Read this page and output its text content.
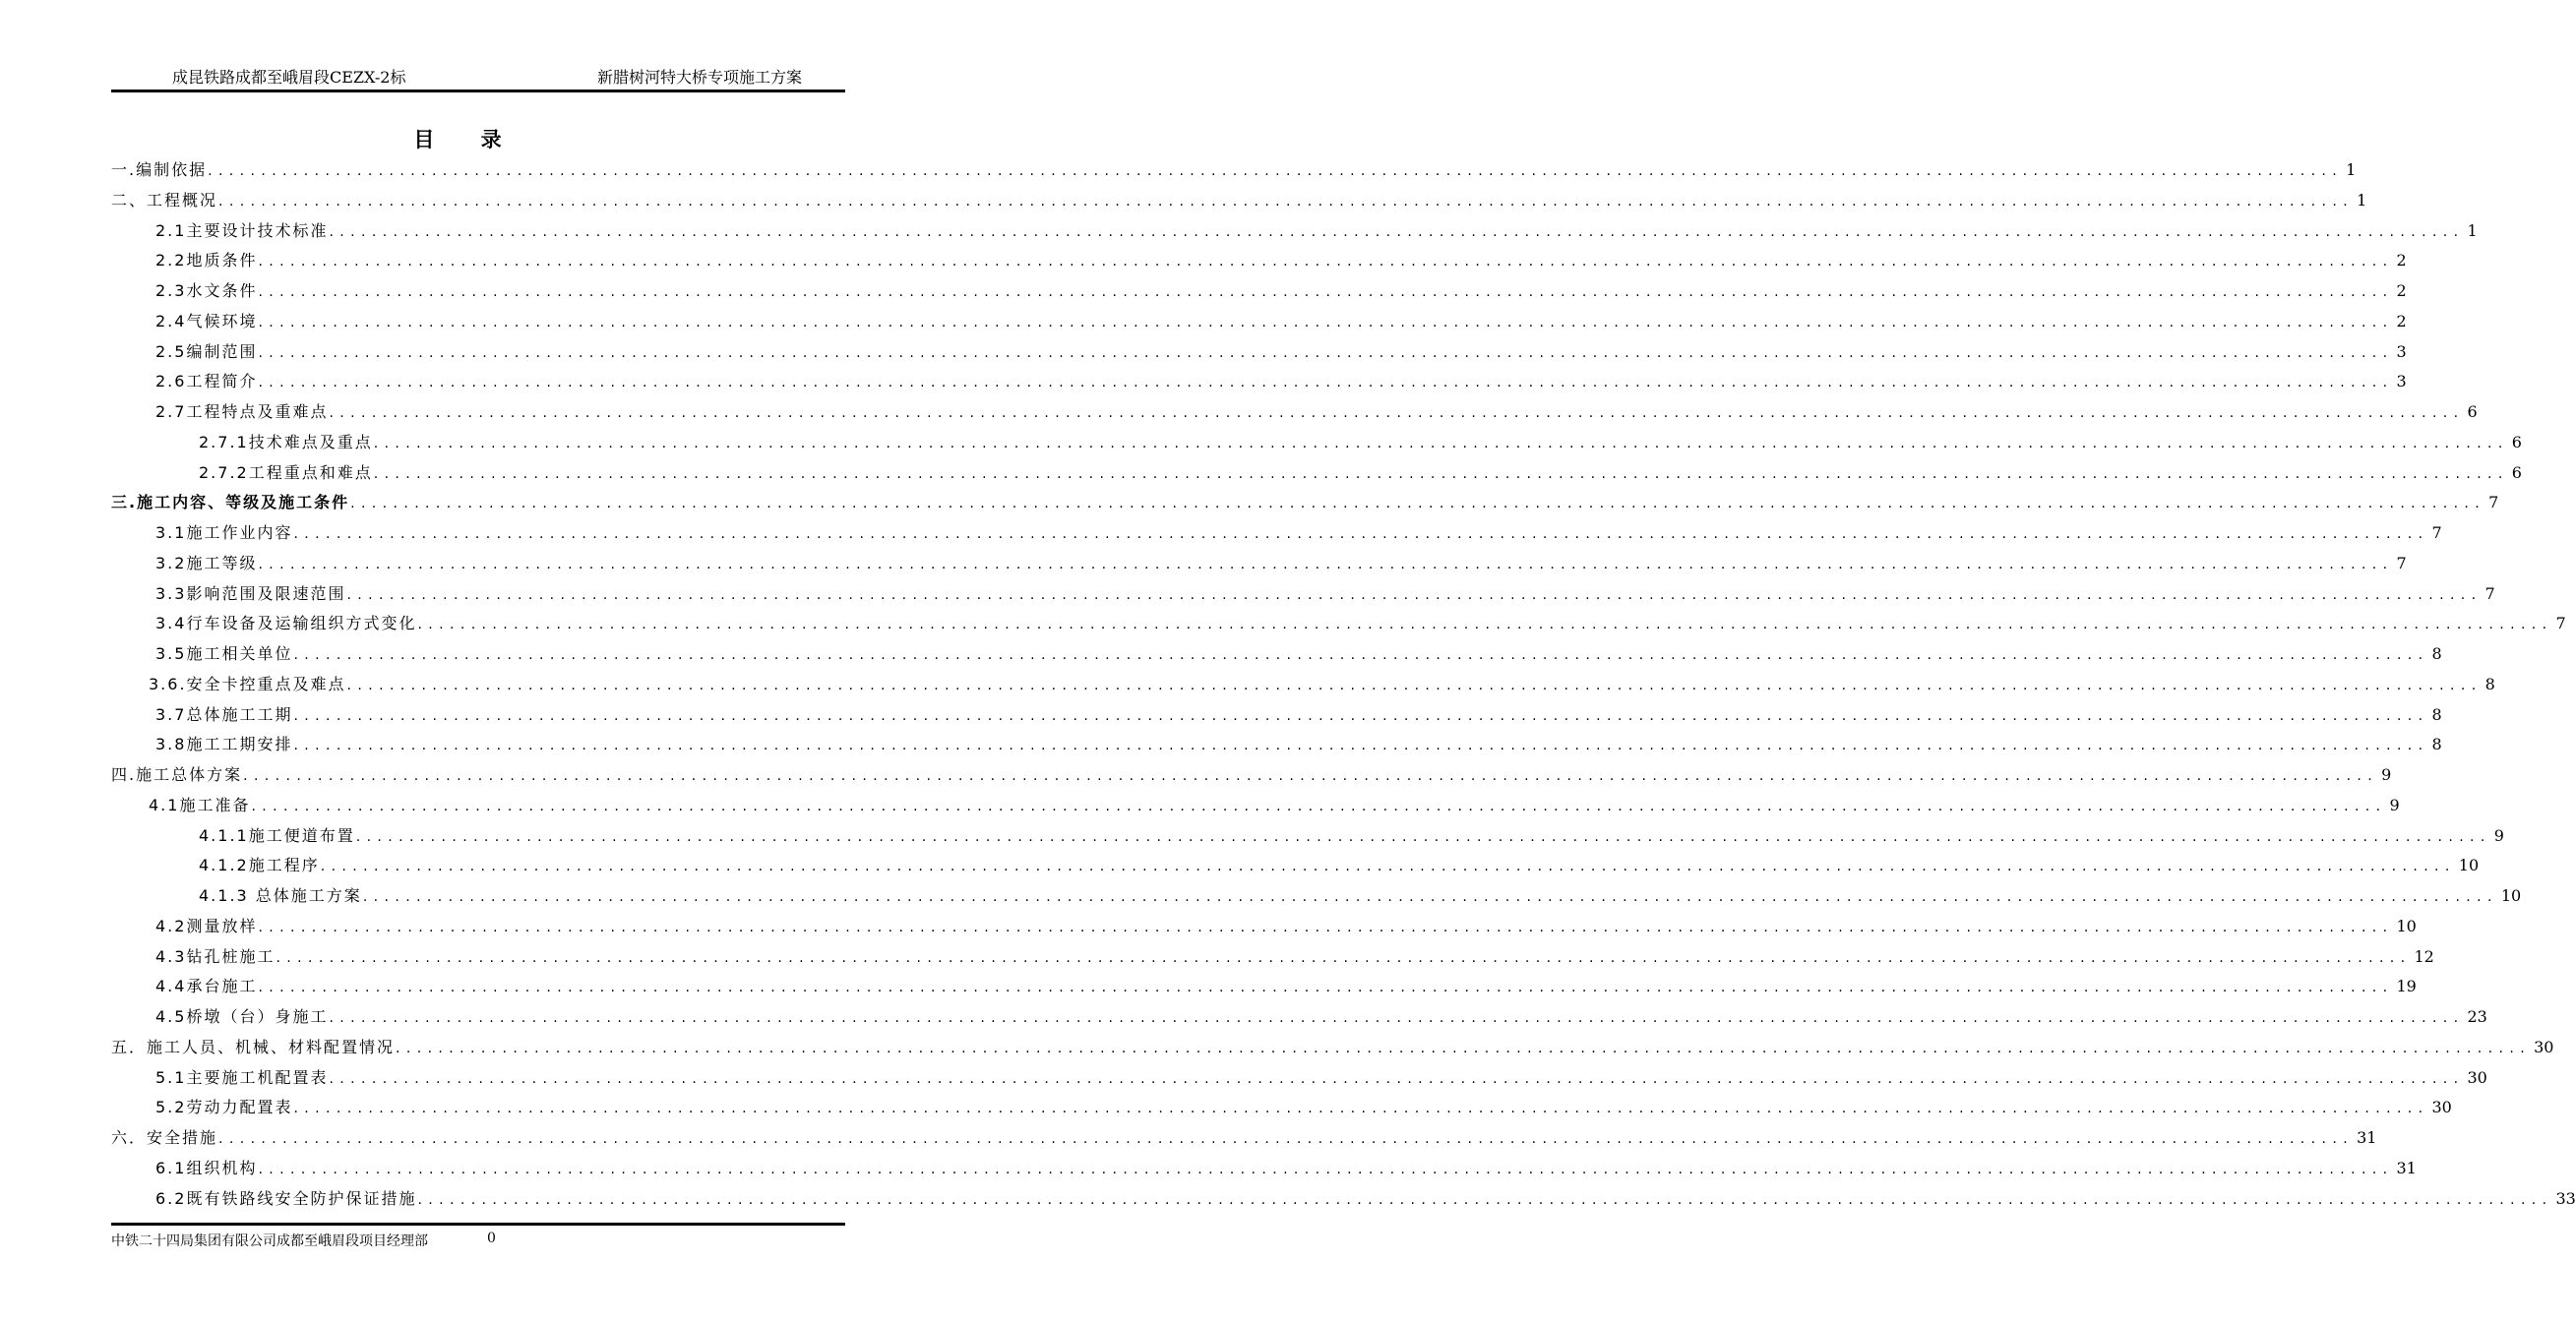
成昆铁路成都至峨眉段CEZX-2标	新腊树河特大桥专项施工方案
目 录
一.编制依据 ........................................................................................................................................................................................................ 1
二、工程概况 ........................................................................................................................................................................................................ 1
2.1主要设计技术标准 ........................................................................................................................................................................................................ 1
2.2地质条件 ........................................................................................................................................................................................................ 2
2.3水文条件 ........................................................................................................................................................................................................ 2
2.4气候环境 ........................................................................................................................................................................................................ 2
2.5编制范围 ........................................................................................................................................................................................................ 3
2.6工程简介 ........................................................................................................................................................................................................ 3
2.7工程特点及重难点 ........................................................................................................................................................................................................ 6
2.7.1技术难点及重点 ........................................................................................................................................................................................................ 6
2.7.2工程重点和难点 ........................................................................................................................................................................................................ 6
三.施工内容、等级及施工条件 ........................................................................................................................................................................................................ 7
3.1施工作业内容 ........................................................................................................................................................................................................ 7
3.2施工等级 ........................................................................................................................................................................................................ 7
3.3影响范围及限速范围 ........................................................................................................................................................................................................ 7
3.4行车设备及运输组织方式变化 ........................................................................................................................................................................................................ 7
3.5施工相关单位 ........................................................................................................................................................................................................ 8
3.6.安全卡控重点及难点 ........................................................................................................................................................................................................ 8
3.7总体施工工期 ........................................................................................................................................................................................................ 8
3.8施工工期安排 ........................................................................................................................................................................................................ 8
四.施工总体方案 ........................................................................................................................................................................................................ 9
4.1施工准备 ........................................................................................................................................................................................................ 9
4.1.1施工便道布置 ........................................................................................................................................................................................................ 9
4.1.2施工程序 ........................................................................................................................................................................................................ 10
4.1.3 总体施工方案 ........................................................................................................................................................................................................ 10
4.2测量放样 ........................................................................................................................................................................................................ 10
4.3钻孔桩施工 ........................................................................................................................................................................................................ 12
4.4承台施工 ........................................................................................................................................................................................................ 19
4.5桥墩（台）身施工 ........................................................................................................................................................................................................ 23
五．施工人员、机械、材料配置情况 ........................................................................................................................................................................................................ 30
5.1主要施工机配置表 ........................................................................................................................................................................................................ 30
5.2劳动力配置表 ........................................................................................................................................................................................................ 30
六．安全措施 ........................................................................................................................................................................................................ 31
6.1组织机构 ........................................................................................................................................................................................................ 31
6.2既有铁路线安全防护保证措施 ........................................................................................................................................................................................................ 33
中铁二十四局集团有限公司成都至峨眉段项目经理部	0
